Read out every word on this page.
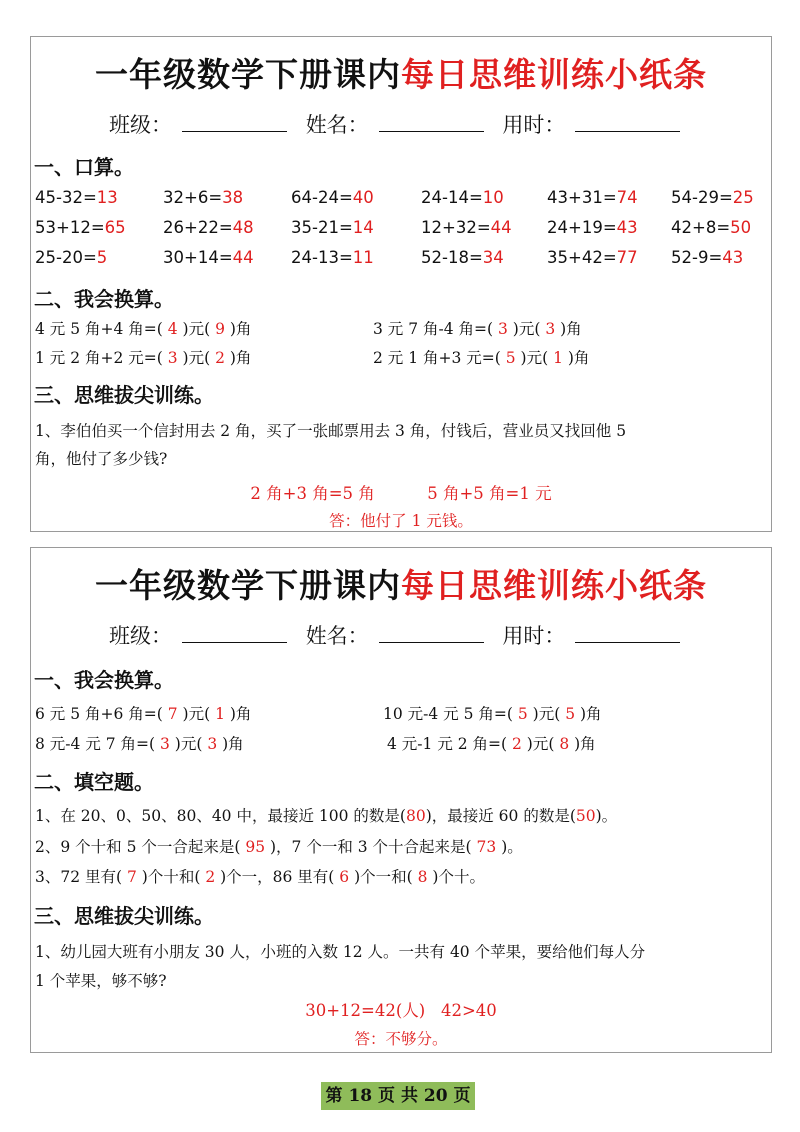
一年级数学下册课内每日思维训练小纸条
班级：	姓名：	用时：
一、口算。
45-32=13	32+6=38	64-24=40	24-14=10	43+31=74 54-29=25
53+12=65 26+22=48 35-21=14	12+32=44 24+19=43 42+8=50
25-20=5	30+14=44 24-13=11	52-18=34	35+42=77 52-9=43
二、我会换算。
4 元 5 角+4 角=( 4 )元( 9 )角	3 元 7 角-4 角=( 3 )元( 3 )角
1 元 2 角+2 元=( 3 )元( 2 )角	2 元 1 角+3 元=( 5 )元( 1 )角
三、思维拔尖训练。
1、李伯伯买一个信封用去 2 角，买了一张邮票用去 3 角，付钱后，营业员又找回他 5
角，他付了多少钱?
2 角+3 角=5 角          5 角+5 角=1 元
答：他付了 1 元钱。
一年级数学下册课内每日思维训练小纸条
班级：	姓名：	用时：
一、我会换算。
6 元 5 角+6 角=( 7 )元( 1 )角	10 元-4 元 5 角=( 5 )元( 5 )角
8 元-4 元 7 角=( 3 )元( 3 )角	4 元-1 元 2 角=( 2 )元( 8 )角
二、填空题。
1、在 20、0、50、80、40 中，最接近 100 的数是(80)，最接近 60 的数是(50)。
2、9 个十和 5 个一合起来是( 95 )，7 个一和 3 个十合起来是( 73 )。
3、72 里有( 7 )个十和( 2 )个一，86 里有( 6 )个一和( 8 )个十。
三、思维拔尖训练。
1、幼儿园大班有小朋友 30 人，小班的入数 12 人。一共有 40 个苹果，要给他们每人分
1 个苹果，够不够?
30+12=42(人)   42>40
答：不够分。
第 18 页 共 20 页
